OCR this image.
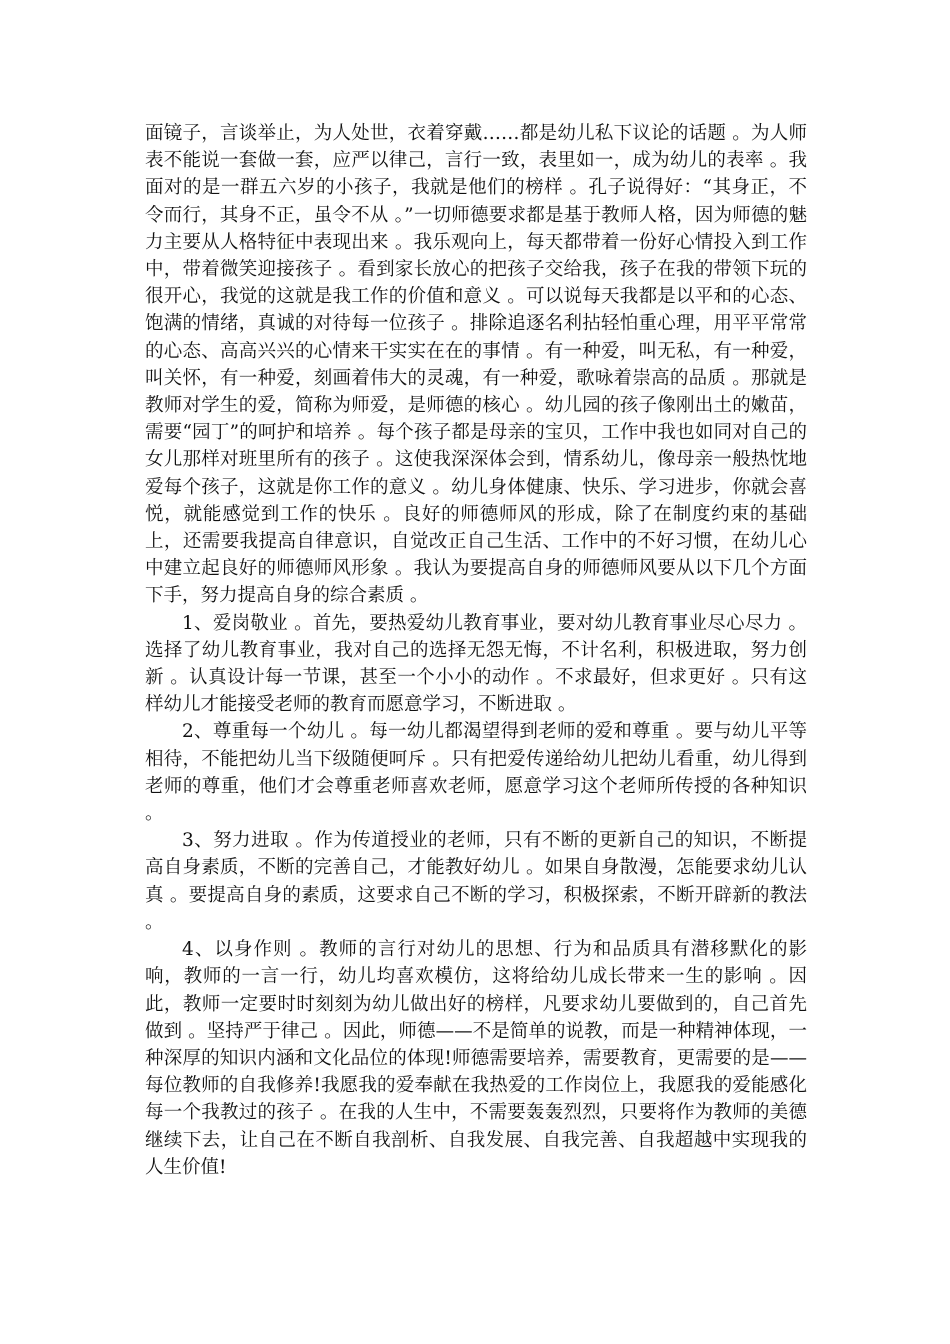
面镜子，言谈举止，为人处世，衣着穿戴……都是幼儿私下议论的话题 。为人师表不能说一套做一套，应严以律己，言行一致，表里如一，成为幼儿的表率 。我面对的是一群五六岁的小孩子，我就是他们的榜样 。孔子说得好：“其身正，不令而行，其身不正，虽令不从 。”一切师德要求都是基于教师人格，因为师德的魅力主要从人格特征中表现出来 。我乐观向上，每天都带着一份好心情投入到工作中，带着微笑迎接孩子 。看到家长放心的把孩子交给我，孩子在我的带领下玩的很开心，我觉的这就是我工作的价值和意义 。可以说每天我都是以平和的心态、饱满的情绪，真诚的对待每一位孩子 。排除追逐名利拈轻怕重心理，用平平常常的心态、高高兴兴的心情来干实实在在的事情 。有一种爱，叫无私，有一种爱，叫关怀，有一种爱，刻画着伟大的灵魂，有一种爱，歌咏着崇高的品质 。那就是教师对学生的爱，简称为师爱，是师德的核心 。幼儿园的孩子像刚出土的嫩苗，需要“园丁”的呵护和培养 。每个孩子都是母亲的宝贝，工作中我也如同对自己的女儿那样对班里所有的孩子 。这使我深深体会到，情系幼儿，像母亲一般热忱地爱每个孩子，这就是你工作的意义 。幼儿身体健康、快乐、学习进步，你就会喜悦，就能感觉到工作的快乐 。良好的师德师风的形成，除了在制度约束的基础上，还需要我提高自律意识，自觉改正自己生活、工作中的不好习惯，在幼儿心中建立起良好的师德师风形象 。我认为要提高自身的师德师风要从以下几个方面下手，努力提高自身的综合素质 。

1、爱岗敬业 。首先，要热爱幼儿教育事业，要对幼儿教育事业尽心尽力 。选择了幼儿教育事业，我对自己的选择无怨无悔，不计名利，积极进取，努力创新 。认真设计每一节课，甚至一个小小的动作 。不求最好，但求更好 。只有这样幼儿才能接受老师的教育而愿意学习，不断进取 。

2、尊重每一个幼儿 。每一幼儿都渴望得到老师的爱和尊重 。要与幼儿平等相待，不能把幼儿当下级随便呵斥 。只有把爱传递给幼儿把幼儿看重，幼儿得到老师的尊重，他们才会尊重老师喜欢老师，愿意学习这个老师所传授的各种知识 。

3、努力进取 。作为传道授业的老师，只有不断的更新自己的知识，不断提高自身素质，不断的完善自己，才能教好幼儿 。如果自身散漫，怎能要求幼儿认真 。要提高自身的素质，这要求自己不断的学习，积极探索，不断开辟新的教法 。

4、以身作则 。教师的言行对幼儿的思想、行为和品质具有潜移默化的影响，教师的一言一行，幼儿均喜欢模仿，这将给幼儿成长带来一生的影响 。因此，教师一定要时时刻刻为幼儿做出好的榜样，凡要求幼儿要做到的，自己首先做到 。坚持严于律己 。因此，师德——不是简单的说教，而是一种精神体现，一种深厚的知识内涵和文化品位的体现!师德需要培养，需要教育，更需要的是——每位教师的自我修养!我愿我的爱奉献在我热爱的工作岗位上，我愿我的爱能感化每一个我教过的孩子 。在我的人生中，不需要轰轰烈烈，只要将作为教师的美德继续下去，让自己在不断自我剖析、自我发展、自我完善、自我超越中实现我的人生价值!
